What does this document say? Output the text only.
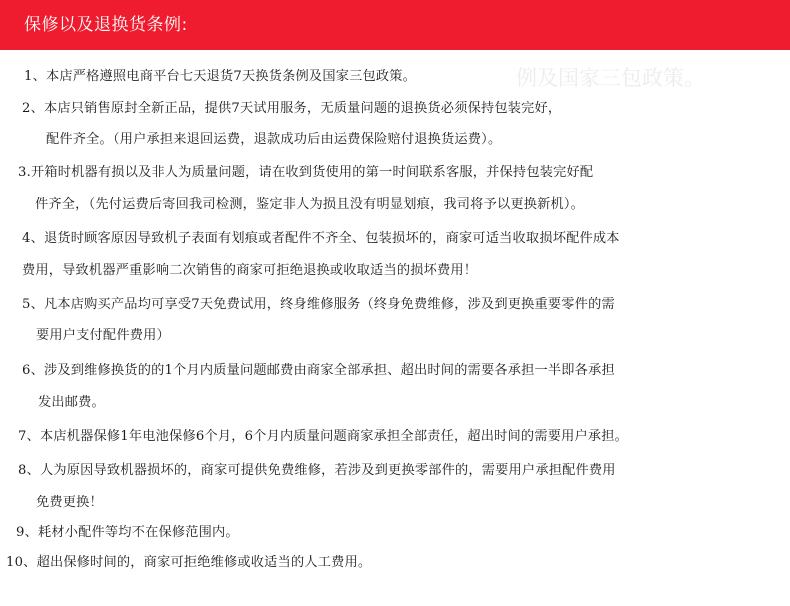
保修以及退换货条例:
例及国家三包政策。
1、本店严格遵照电商平台七天退货7天换货条例及国家三包政策。
2、本店只销售原封全新正品，提供7天试用服务，无质量问题的退换货必须保持包装完好，
配件齐全。（用户承担来退回运费，退款成功后由运费保险赔付退换货运费）。
3.开箱时机器有损以及非人为质量问题，请在收到货使用的第一时间联系客服，并保持包装完好配
件齐全，（先付运费后寄回我司检测，鉴定非人为损且没有明显划痕，我司将予以更换新机）。
4、退货时顾客原因导致机子表面有划痕或者配件不齐全、包装损坏的，商家可适当收取损坏配件成本
费用，导致机器严重影响二次销售的商家可拒绝退换或收取适当的损坏费用！
5、凡本店购买产品均可享受7天免费试用，终身维修服务（终身免费维修，涉及到更换重要零件的需
要用户支付配件费用）
6、涉及到维修换货的的1个月内质量问题邮费由商家全部承担、超出时间的需要各承担一半即各承担
发出邮费。
7、本店机器保修1年电池保修6个月，6个月内质量问题商家承担全部责任，超出时间的需要用户承担。
8、人为原因导致机器损坏的，商家可提供免费维修，若涉及到更换零部件的，需要用户承担配件费用
免费更换！
9、耗材小配件等均不在保修范围内。
10、超出保修时间的，商家可拒绝维修或收适当的人工费用。
